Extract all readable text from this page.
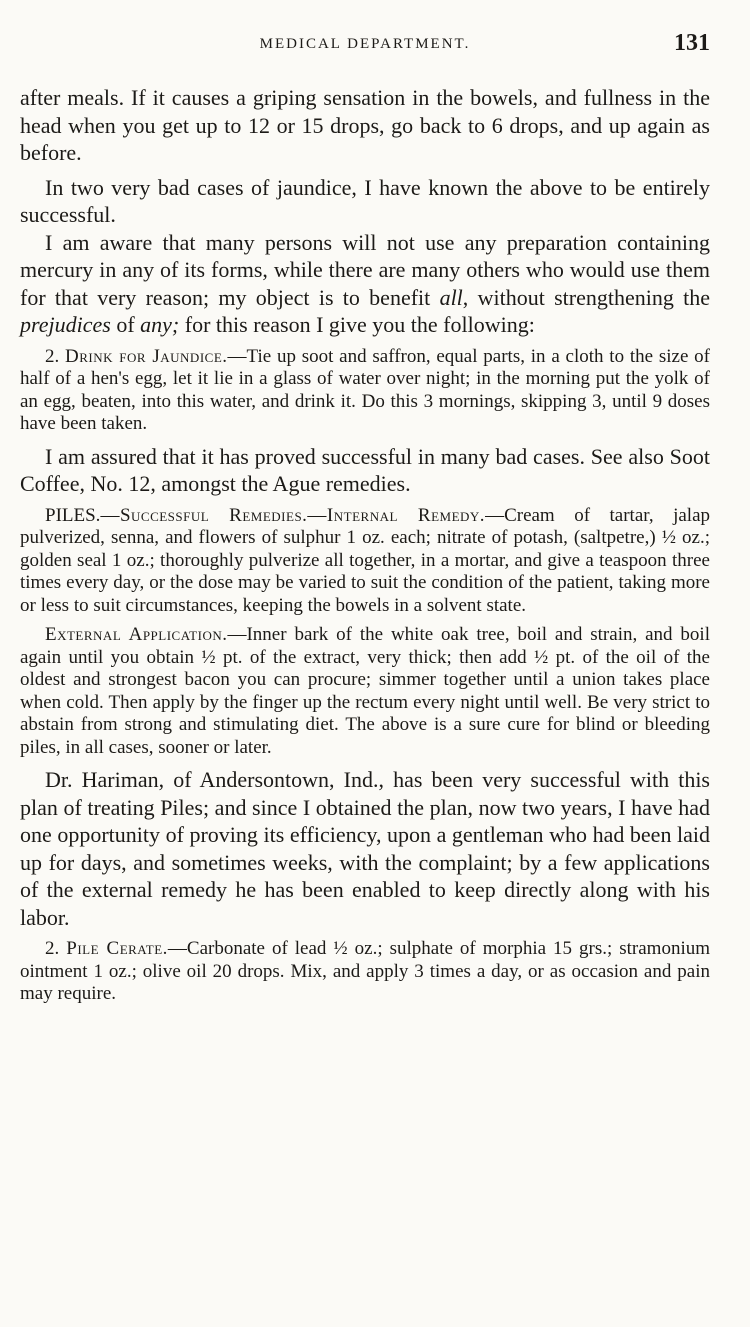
MEDICAL DEPARTMENT.	131

after meals. If it causes a griping sensation in the bowels, and fullness in the head when you get up to 12 or 15 drops, go back to 6 drops, and up again as before.

In two very bad cases of jaundice, I have known the above to be entirely successful.

I am aware that many persons will not use any preparation containing mercury in any of its forms, while there are many others who would use them for that very reason; my object is to benefit all, without strengthening the prejudices of any; for this reason I give you the following:

2. Drink for Jaundice.—Tie up soot and saffron, equal parts, in a cloth to the size of half of a hen's egg, let it lie in a glass of water over night; in the morning put the yolk of an egg, beaten, into this water, and drink it. Do this 3 mornings, skipping 3, until 9 doses have been taken.

I am assured that it has proved successful in many bad cases. See also Soot Coffee, No. 12, amongst the Ague remedies.

PILES.—Successful Remedies.—Internal Remedy.—Cream of tartar, jalap pulverized, senna, and flowers of sulphur 1 oz. each; nitrate of potash, (saltpetre,) ½ oz.; golden seal 1 oz.; thoroughly pulverize all together, in a mortar, and give a teaspoon three times every day, or the dose may be varied to suit the condition of the patient, taking more or less to suit circumstances, keeping the bowels in a solvent state.

External Application.—Inner bark of the white oak tree, boil and strain, and boil again until you obtain ½ pt. of the extract, very thick; then add ½ pt. of the oil of the oldest and strongest bacon you can procure; simmer together until a union takes place when cold. Then apply by the finger up the rectum every night until well. Be very strict to abstain from strong and stimulating diet. The above is a sure cure for blind or bleeding piles, in all cases, sooner or later.

Dr. Hariman, of Andersontown, Ind., has been very successful with this plan of treating Piles; and since I obtained the plan, now two years, I have had one opportunity of proving its efficiency, upon a gentleman who had been laid up for days, and sometimes weeks, with the complaint; by a few applications of the external remedy he has been enabled to keep directly along with his labor.

2. Pile Cerate.—Carbonate of lead ½ oz.; sulphate of morphia 15 grs.; stramonium ointment 1 oz.; olive oil 20 drops. Mix, and apply 3 times a day, or as occasion and pain may require.
